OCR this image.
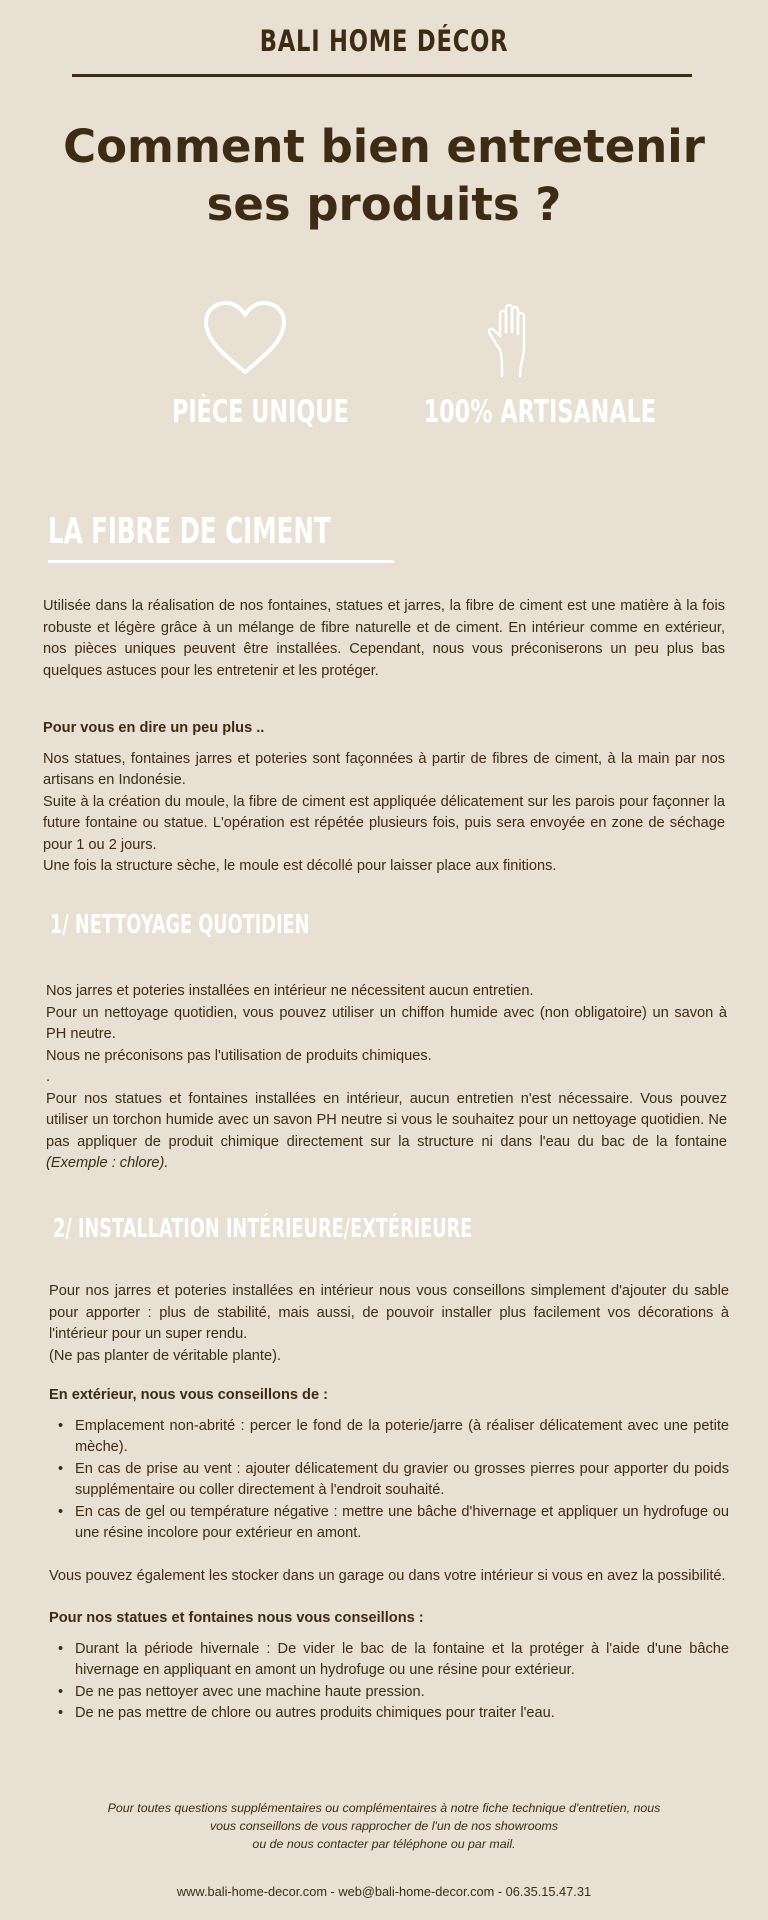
BALI HOME DÉCOR
Comment bien entretenir
ses produits ?
PIÈCE UNIQUE 100% ARTISANALE
LA FIBRE DE CIMENT

Utilisée dans la réalisation de nos fontaines, statues et jarres, la fibre de ciment est une matière à la fois robuste et légère grâce à un mélange de fibre naturelle et de ciment. En intérieur comme en extérieur, nos pièces uniques peuvent être installées. Cependant, nous vous préconiserons un peu plus bas quelques astuces pour les entretenir et les protéger.

Pour vous en dire un peu plus ..

Nos statues, fontaines jarres et poteries sont façonnées à partir de fibres de ciment, à la main par nos artisans en Indonésie.

Suite à la création du moule, la fibre de ciment est appliquée délicatement sur les parois pour façonner la future fontaine ou statue. L'opération est répétée plusieurs fois, puis sera envoyée en zone de séchage pour 1 ou 2 jours.

Une fois la structure sèche, le moule est décollé pour laisser place aux finitions.

1/ NETTOYAGE QUOTIDIEN

Nos jarres et poteries installées en intérieur ne nécessitent aucun entretien.

Pour un nettoyage quotidien, vous pouvez utiliser un chiffon humide avec (non obligatoire) un savon à PH neutre.

Nous ne préconisons pas l'utilisation de produits chimiques.

.

Pour nos statues et fontaines installées en intérieur, aucun entretien n'est nécessaire. Vous pouvez utiliser un torchon humide avec un savon PH neutre si vous le souhaitez pour un nettoyage quotidien. Ne pas appliquer de produit chimique directement sur la structure ni dans l'eau du bac de la fontaine (Exemple : chlore).

2/ INSTALLATION INTÉRIEURE/EXTÉRIEURE

Pour nos jarres et poteries installées en intérieur nous vous conseillons simplement d'ajouter du sable pour apporter : plus de stabilité, mais aussi, de pouvoir installer plus facilement vos décorations à l'intérieur pour un super rendu.

(Ne pas planter de véritable plante).

En extérieur, nous vous conseillons de :

• Emplacement non-abrité : percer le fond de la poterie/jarre (à réaliser délicatement avec une petite mèche).
• En cas de prise au vent : ajouter délicatement du gravier ou grosses pierres pour apporter du poids supplémentaire ou coller directement à l'endroit souhaité.
• En cas de gel ou température négative : mettre une bâche d'hivernage et appliquer un hydrofuge ou une résine incolore pour extérieur en amont.

Vous pouvez également les stocker dans un garage ou dans votre intérieur si vous en avez la possibilité.

Pour nos statues et fontaines nous vous conseillons :

• Durant la période hivernale : De vider le bac de la fontaine et la protéger à l'aide d'une bâche hivernage en appliquant en amont un hydrofuge ou une résine pour extérieur.
• De ne pas nettoyer avec une machine haute pression.
• De ne pas mettre de chlore ou autres produits chimiques pour traiter l'eau.
Pour toutes questions supplémentaires ou complémentaires à notre fiche technique d'entretien, nous
vous conseillons de vous rapprocher de l'un de nos showrooms
ou de nous contacter par téléphone ou par mail.
www.bali-home-decor.com - web@bali-home-decor.com - 06.35.15.47.31
